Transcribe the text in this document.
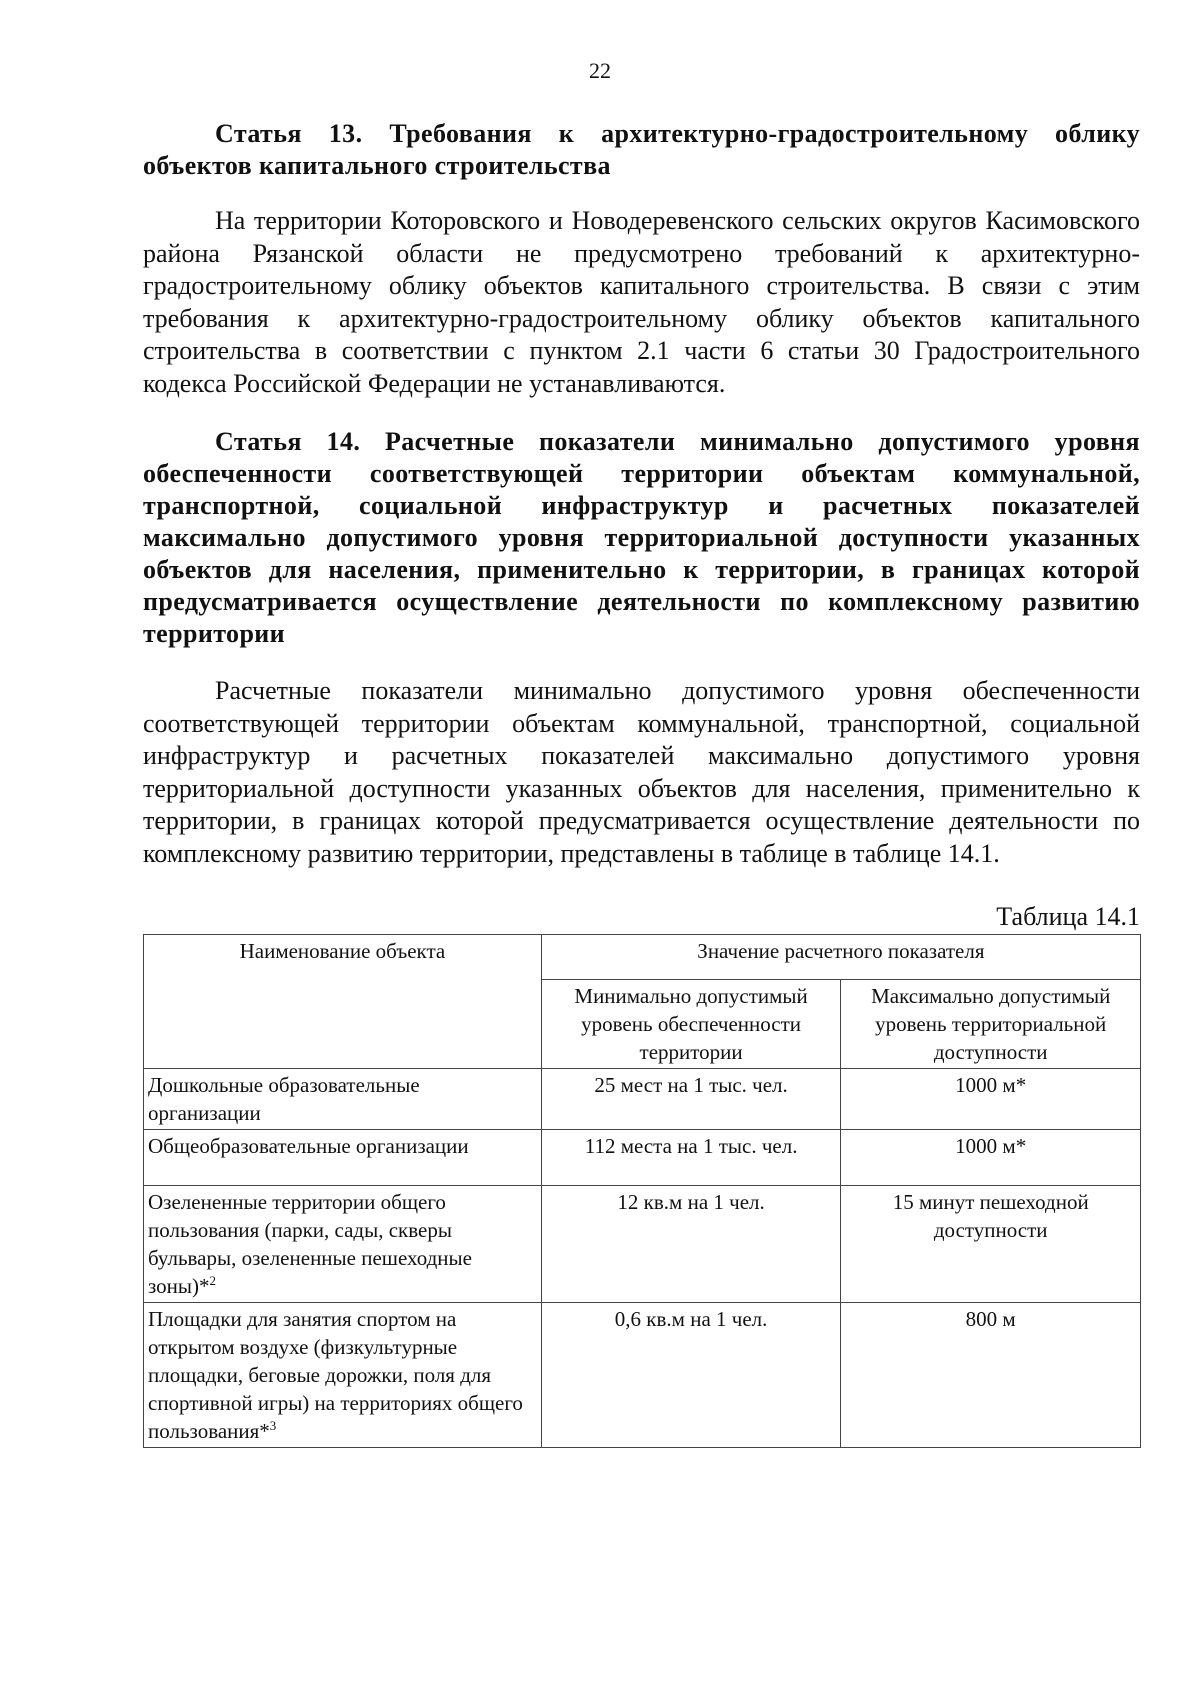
22
Статья 13. Требования к архитектурно-градостроительному облику объектов капитального строительства
На территории Которовского и Новодеревенского сельских округов Касимовского района Рязанской области не предусмотрено требований к архитектурно-градостроительному облику объектов капитального строительства. В связи с этим требования к архитектурно-градостроительному облику объектов капитального строительства в соответствии с пунктом 2.1 части 6 статьи 30 Градостроительного кодекса Российской Федерации не устанавливаются.
Статья 14. Расчетные показатели минимально допустимого уровня обеспеченности соответствующей территории объектам коммунальной, транспортной, социальной инфраструктур и расчетных показателей максимально допустимого уровня территориальной доступности указанных объектов для населения, применительно к территории, в границах которой предусматривается осуществление деятельности по комплексному развитию территории
Расчетные показатели минимально допустимого уровня обеспеченности соответствующей территории объектам коммунальной, транспортной, социальной инфраструктур и расчетных показателей максимально допустимого уровня территориальной доступности указанных объектов для населения, применительно к территории, в границах которой предусматривается осуществление деятельности по комплексному развитию территории, представлены в таблице в таблице 14.1.
Таблица 14.1
Наименование объекта	Значение расчетного показателя	
	Минимально допустимый уровень обеспеченности территории	Максимально допустимый уровень территориальной доступности
Дошкольные образовательные организации	25 мест на 1 тыс. чел.	1000 м*
Общеобразовательные организации	112 места на 1 тыс. чел.	1000 м*
Озелененные территории общего пользования (парки, сады, скверы бульвары, озелененные пешеходные зоны)*$^2$	12 кв.м на 1 чел.	15 минут пешеходной доступности
Площадки для занятия спортом на открытом воздухе (физкультурные площадки, беговые дорожки, поля для спортивной игры) на территориях общего пользования*$^3$	0,6 кв.м на 1 чел.	800 м
